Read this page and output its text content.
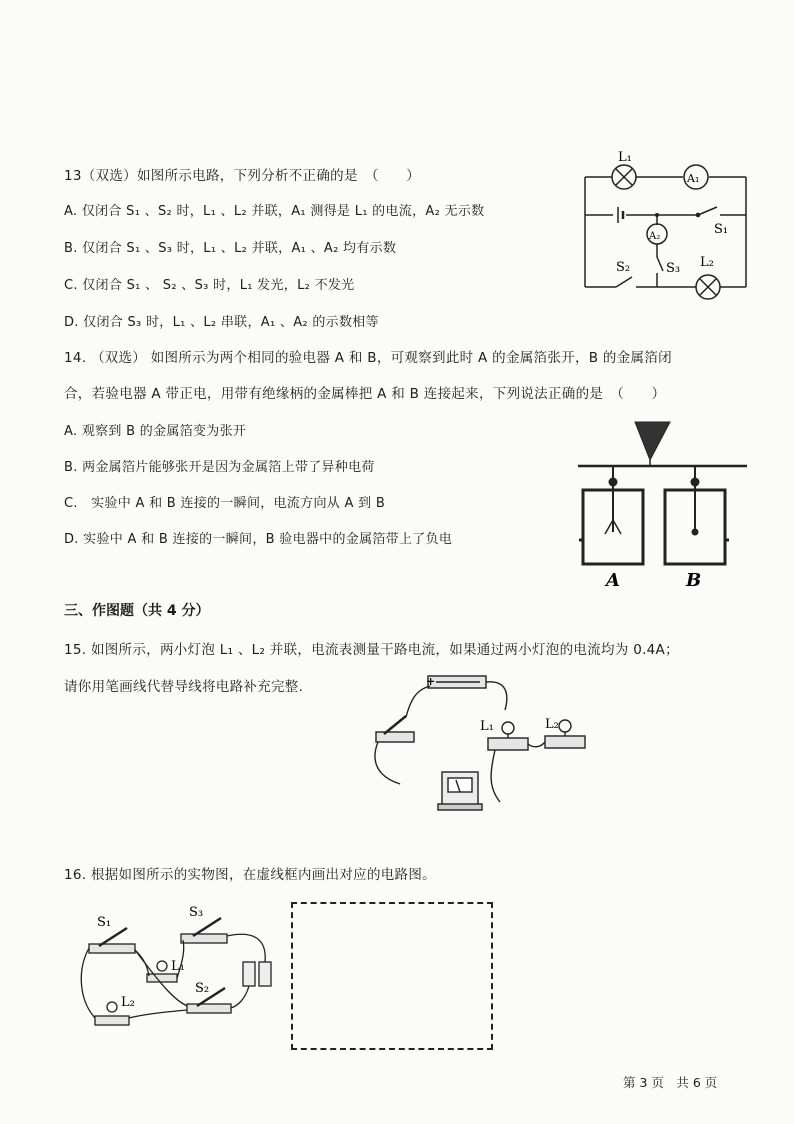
13（双选）如图所示电路，下列分析不正确的是　（　　）
A. 仅闭合 S₁ 、S₂ 时，L₁ 、L₂ 并联，A₁ 测得是 L₁ 的电流，A₂ 无示数
B. 仅闭合 S₁ 、S₃ 时，L₁ 、L₂ 并联，A₁ 、A₂ 均有示数
C. 仅闭合 S₁ 、 S₂ 、S₃ 时，L₁ 发光，L₂ 不发光
D. 仅闭合 S₃ 时，L₁ 、L₂ 串联，A₁ 、A₂ 的示数相等
L₁
A₁
A₂	S₁
S₂	S₃ L₂
14. （双选） 如图所示为两个相同的验电器 A 和 B，可观察到此时 A 的金属箔张开，B 的金属箔闭
合，若验电器 A 带正电，用带有绝缘柄的金属棒把 A 和 B 连接起来，下列说法正确的是　（　　）
A. 观察到 B 的金属箔变为张开
B. 两金属箔片能够张开是因为金属箔上带了异种电荷
C.　实验中 A 和 B 连接的一瞬间，电流方向从 A 到 B
D. 实验中 A 和 B 连接的一瞬间，B 验电器中的金属箔带上了负电
A	B
三、作图题（共 4 分）
15. 如图所示，两小灯泡 L₁ 、L₂ 并联，电流表测量干路电流，如果通过两小灯泡的电流均为 0.4A；
请你用笔画线代替导线将电路补充完整.	+
L₁	L₂
16. 根据如图所示的实物图，在虚线框内画出对应的电路图。
S₁
S₃
L₁
S₂
L₂
第 3 页　共 6 页
